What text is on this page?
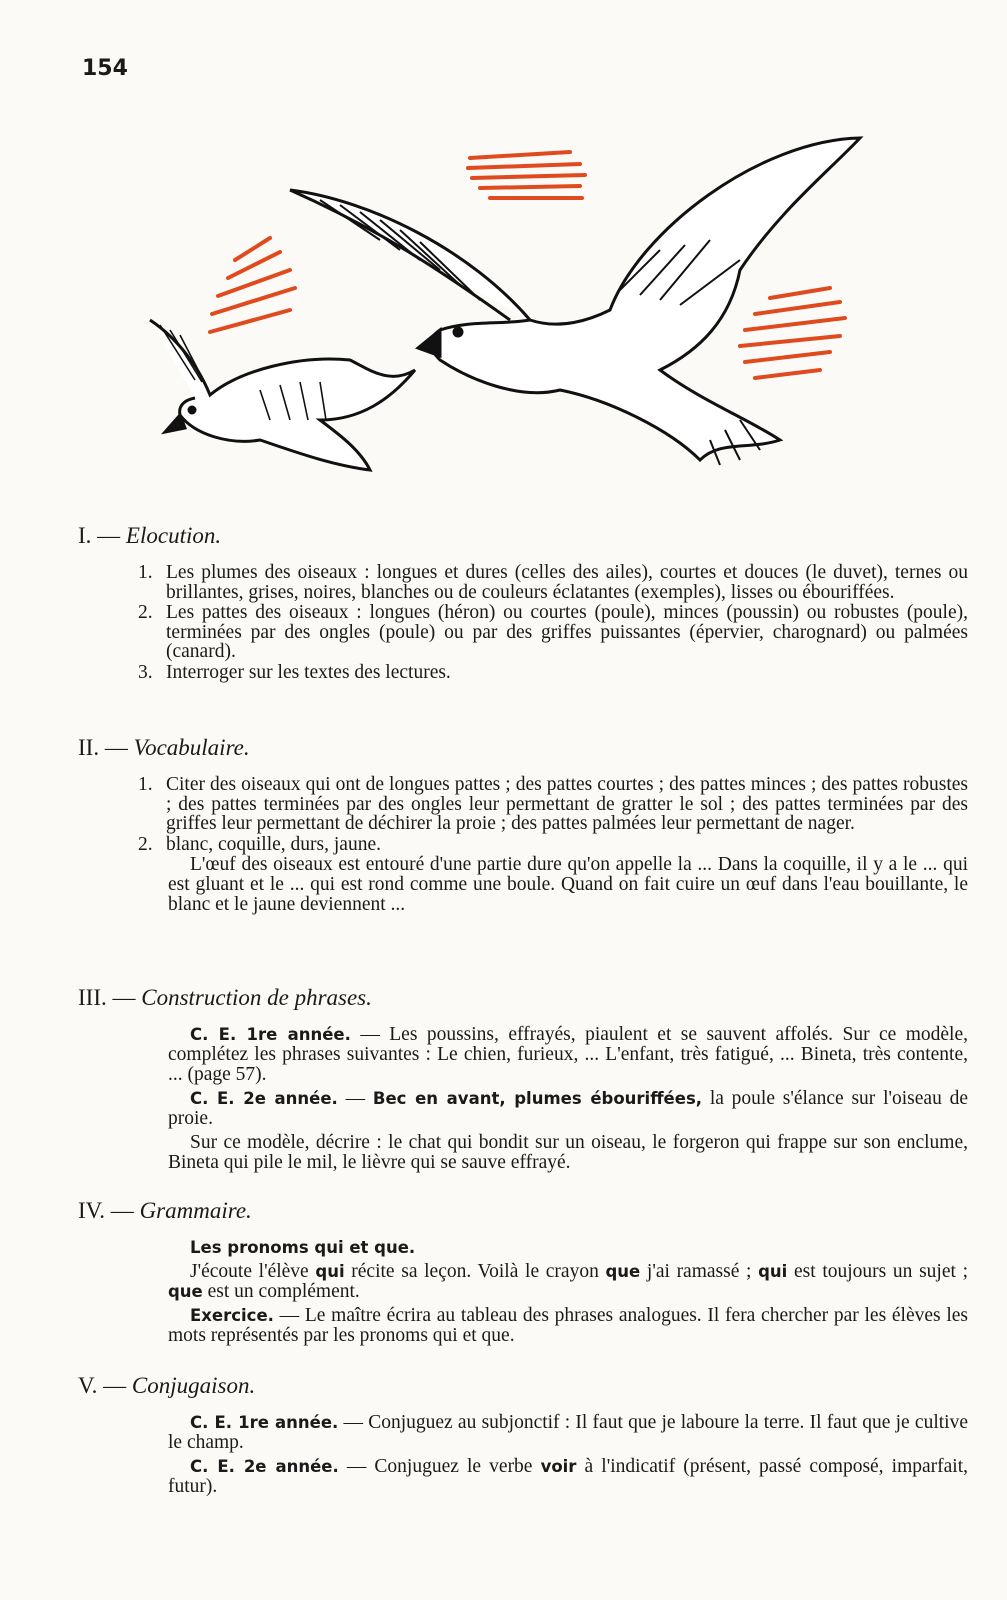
154
I. — Elocution.
1. Les plumes des oiseaux : longues et dures (celles des ailes), courtes et douces (le duvet), ternes ou brillantes, grises, noires, blanches ou de couleurs éclatantes (exemples), lisses ou ébouriffées.
2. Les pattes des oiseaux : longues (héron) ou courtes (poule), minces (poussin) ou robustes (poule), terminées par des ongles (poule) ou par des griffes puissantes (épervier, charognard) ou palmées (canard).
3. Interroger sur les textes des lectures.
II. — Vocabulaire.
1. Citer des oiseaux qui ont de longues pattes ; des pattes courtes ; des pattes minces ; des pattes robustes ; des pattes terminées par des ongles leur permettant de gratter le sol ; des pattes terminées par des griffes leur permettant de déchirer la proie ; des pattes palmées leur permettant de nager.
2. blanc, coquille, durs, jaune.
L'œuf des oiseaux est entouré d'une partie dure qu'on appelle la ... Dans la coquille, il y a le ... qui est gluant et le ... qui est rond comme une boule. Quand on fait cuire un œuf dans l'eau bouillante, le blanc et le jaune deviennent ...
III. — Construction de phrases.
C. E. 1re année. — Les poussins, effrayés, piaulent et se sauvent affolés. Sur ce modèle, complétez les phrases suivantes : Le chien, furieux, ... L'enfant, très fatigué, ... Bineta, très contente, ... (page 57).
C. E. 2e année. — Bec en avant, plumes ébouriffées, la poule s'élance sur l'oiseau de proie.
Sur ce modèle, décrire : le chat qui bondit sur un oiseau, le forgeron qui frappe sur son enclume, Bineta qui pile le mil, le lièvre qui se sauve effrayé.
IV. — Grammaire.
Les pronoms qui et que.
J'écoute l'élève qui récite sa leçon. Voilà le crayon que j'ai ramassé ; qui est toujours un sujet ; que est un complément.
Exercice. — Le maître écrira au tableau des phrases analogues. Il fera chercher par les élèves les mots représentés par les pronoms qui et que.
V. — Conjugaison.
C. E. 1re année. — Conjuguez au subjonctif : Il faut que je laboure la terre. Il faut que je cultive le champ.
C. E. 2e année. — Conjuguez le verbe voir à l'indicatif (présent, passé composé, imparfait, futur).
